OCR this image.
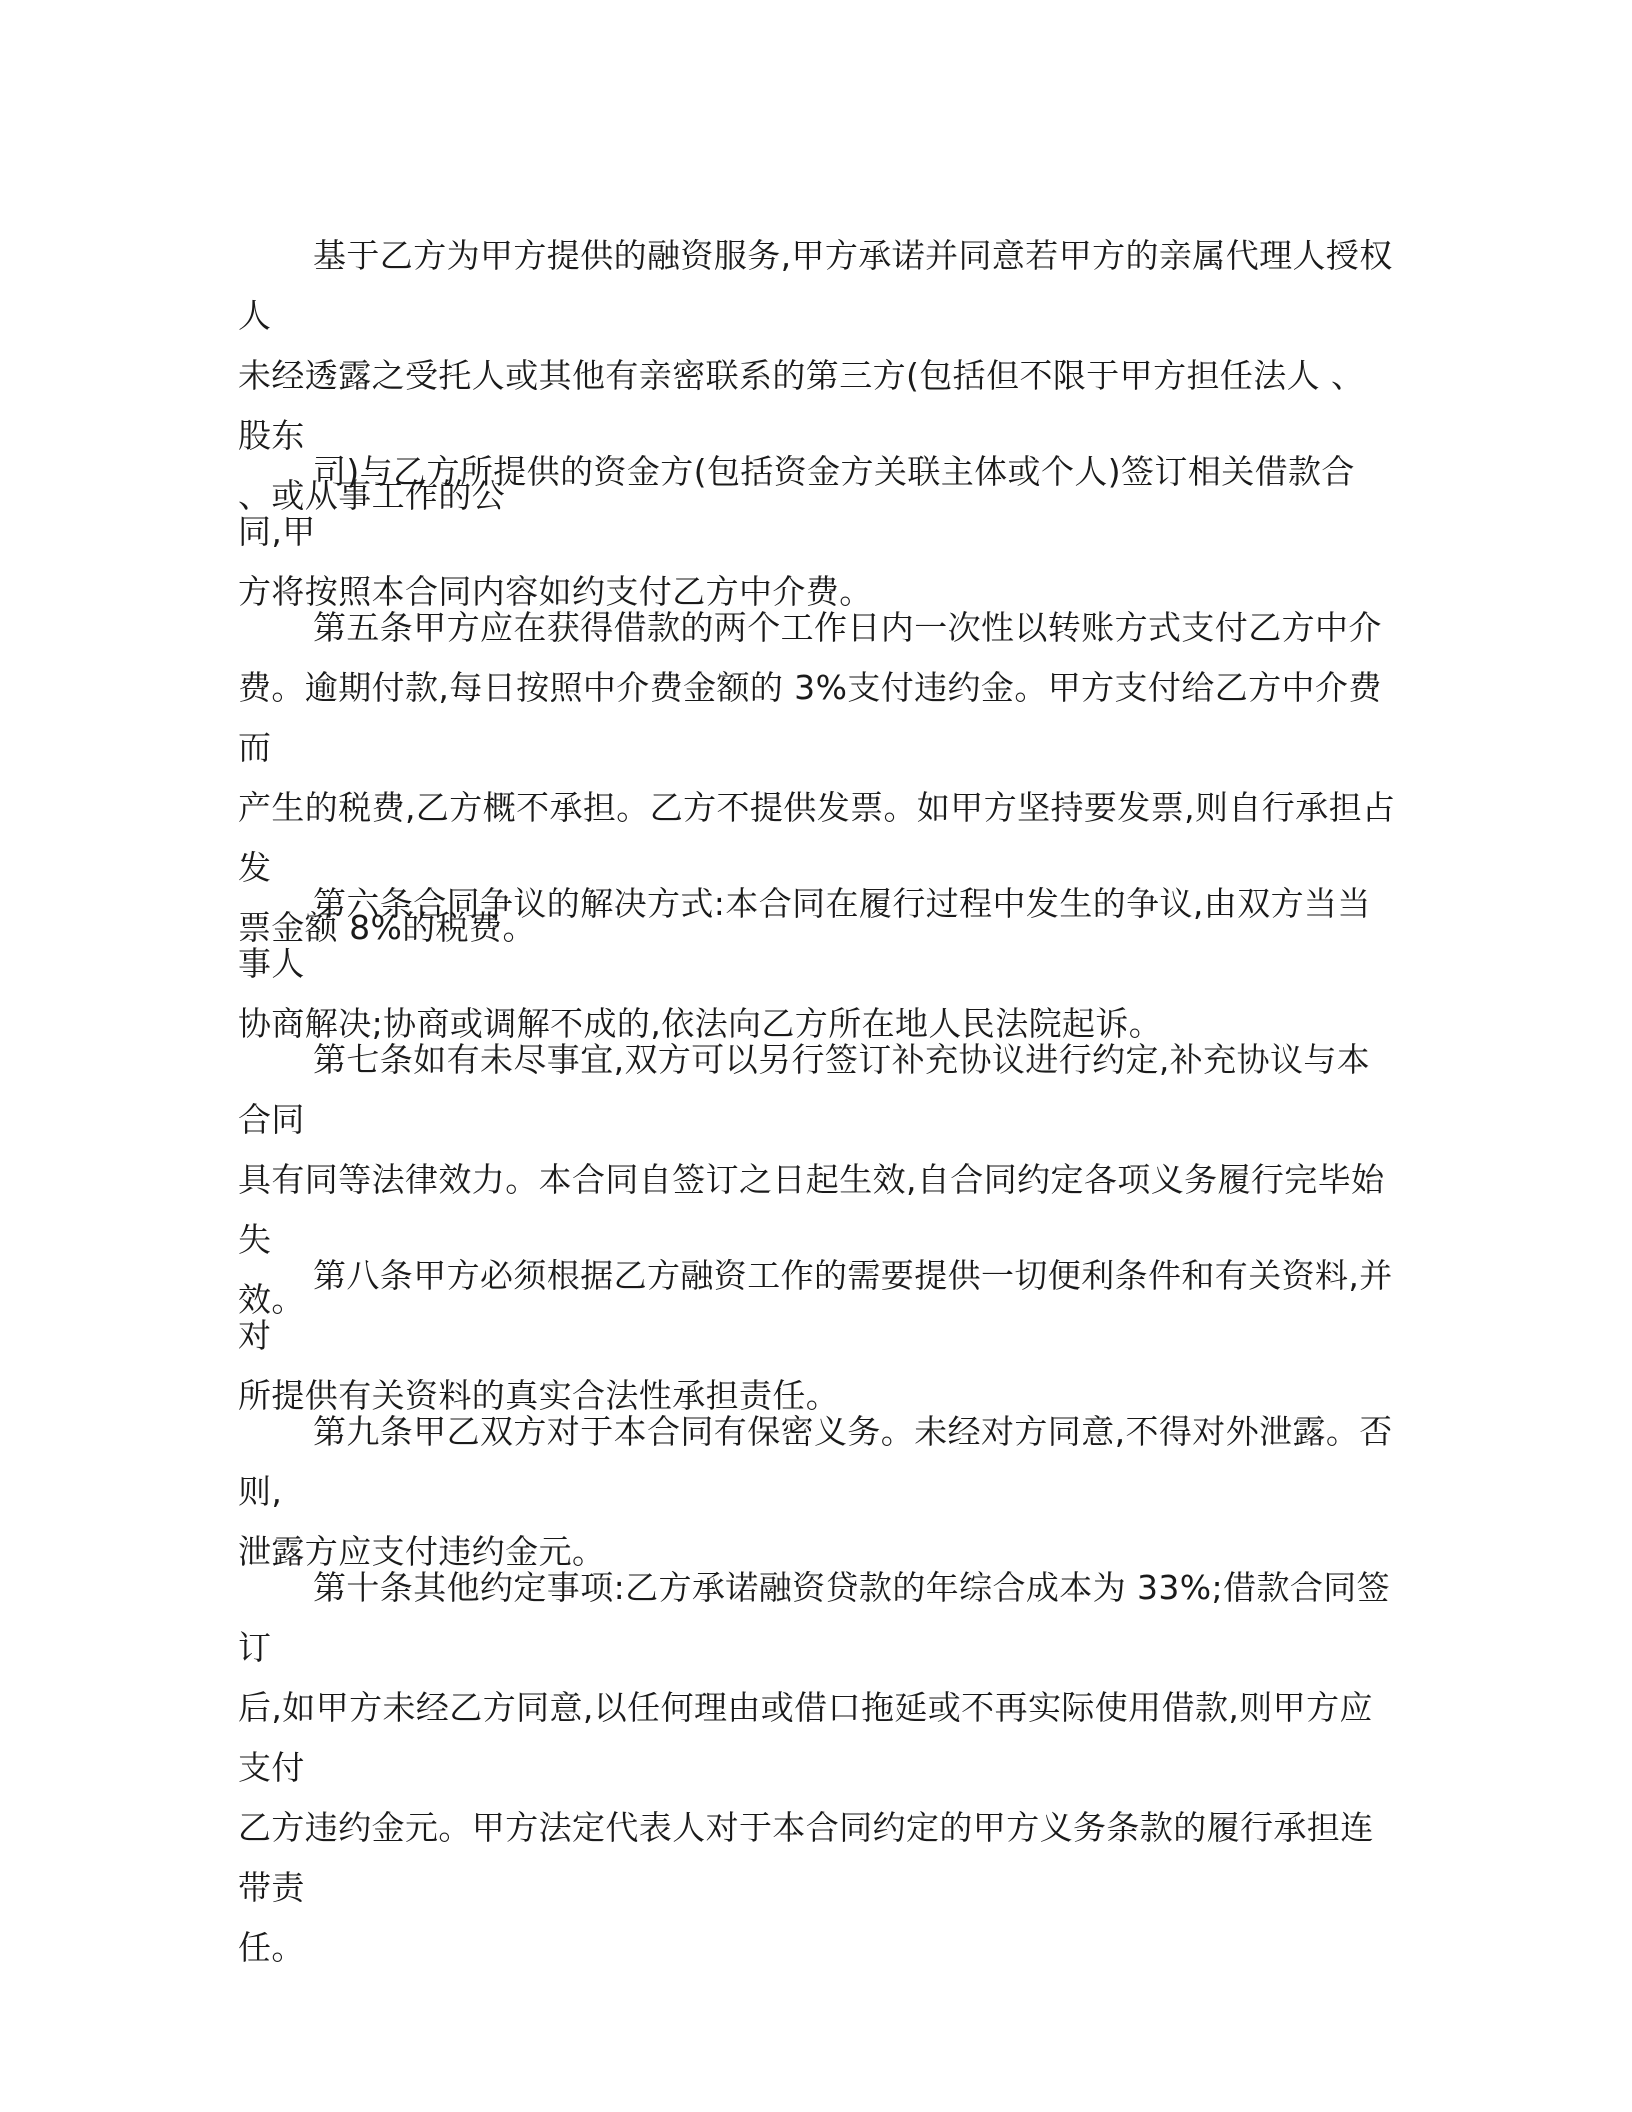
基于乙方为甲方提供的融资服务,甲方承诺并同意若甲方的亲属代理人授权人
未经透露之受托人或其他有亲密联系的第三方(包括但不限于甲方担任法人 、股东
、或从事工作的公

司)与乙方所提供的资金方(包括资金方关联主体或个人)签订相关借款合同,甲
方将按照本合同内容如约支付乙方中介费。

第五条甲方应在获得借款的两个工作日内一次性以转账方式支付乙方中介
费。逾期付款,每日按照中介费金额的 3%支付违约金。甲方支付给乙方中介费而
产生的税费,乙方概不承担。乙方不提供发票。如甲方坚持要发票,则自行承担占发
票金额 8%的税费。

第六条合同争议的解决方式:本合同在履行过程中发生的争议,由双方当当事人
协商解决;协商或调解不成的,依法向乙方所在地人民法院起诉。

第七条如有未尽事宜,双方可以另行签订补充协议进行约定,补充协议与本合同
具有同等法律效力。本合同自签订之日起生效,自合同约定各项义务履行完毕始失
效。

第八条甲方必须根据乙方融资工作的需要提供一切便利条件和有关资料,并对
所提供有关资料的真实合法性承担责任。

第九条甲乙双方对于本合同有保密义务。未经对方同意,不得对外泄露。否则,
泄露方应支付违约金元。

第十条其他约定事项:乙方承诺融资贷款的年综合成本为 33%;借款合同签订
后,如甲方未经乙方同意,以任何理由或借口拖延或不再实际使用借款,则甲方应支付
乙方违约金元。甲方法定代表人对于本合同约定的甲方义务条款的履行承担连带责
任。
